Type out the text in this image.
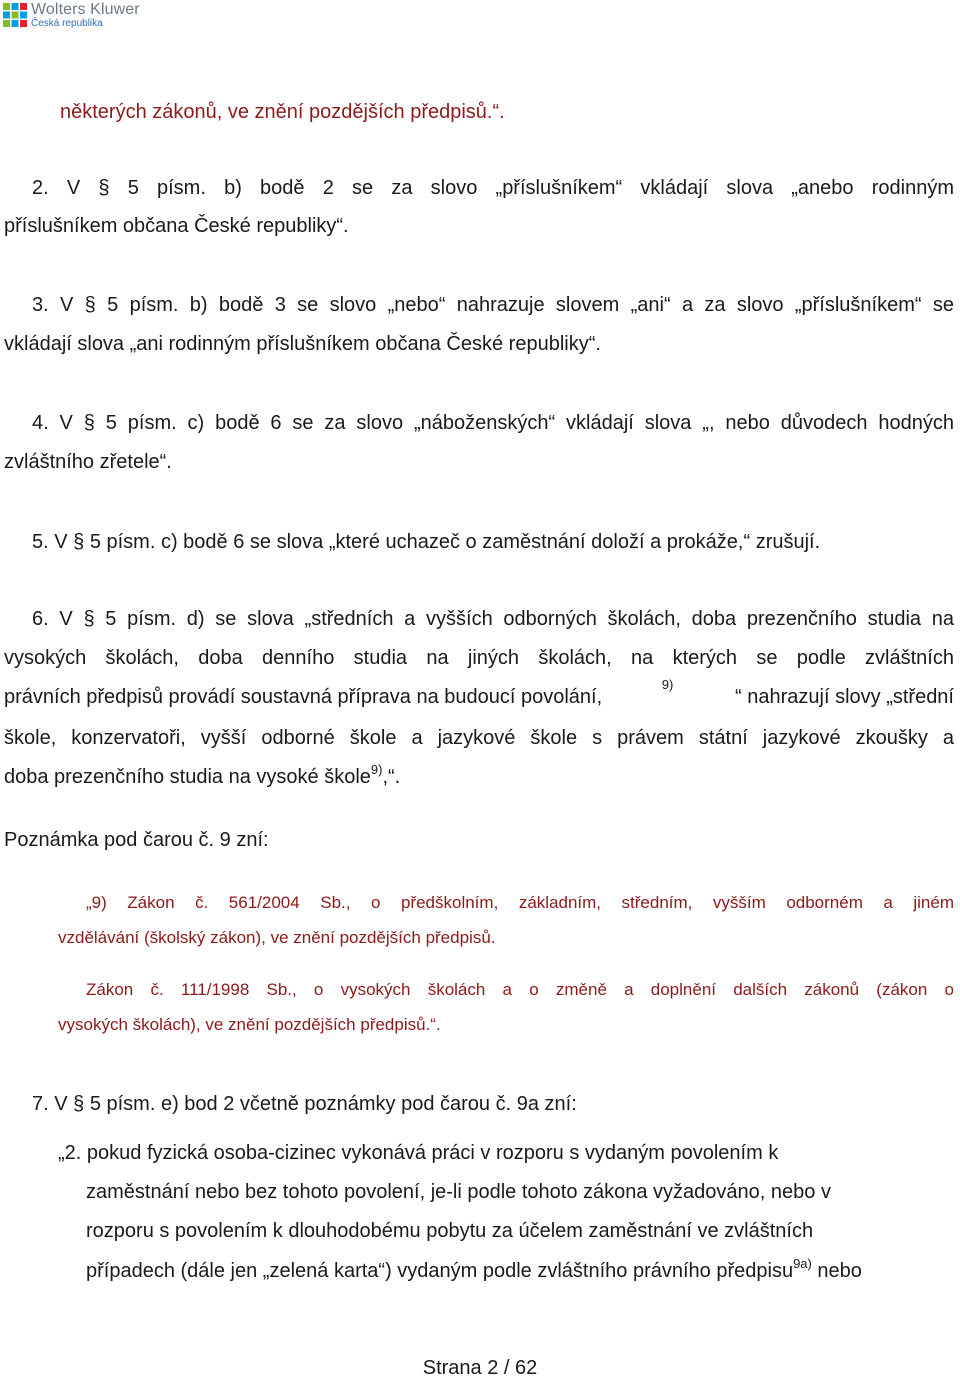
Wolters Kluwer
Česká republika
některých zákonů, ve znění pozdějších předpisů.“.
2. V § 5 písm. b) bodě 2 se za slovo „příslušníkem“ vkládají slova „anebo rodinným
příslušníkem občana České republiky“.
3. V § 5 písm. b) bodě 3 se slovo „nebo“ nahrazuje slovem „ani“ a za slovo „příslušníkem“ se
vkládají slova „ani rodinným příslušníkem občana České republiky“.
4. V § 5 písm. c) bodě 6 se za slovo „náboženských“ vkládají slova „, nebo důvodech hodných
zvláštního zřetele“.
5. V § 5 písm. c) bodě 6 se slova „které uchazeč o zaměstnání doloží a prokáže,“ zrušují.
6. V § 5 písm. d) se slova „středních a vyšších odborných školách, doba prezenčního studia na
vysokých školách, doba denního studia na jiných školách, na kterých se podle zvláštních
právních předpisů provádí soustavná příprava na budoucí povolání,
9)
“ nahrazují slovy „střední
škole, konzervatoři, vyšší odborné škole a jazykové škole s právem státní jazykové zkoušky a
doba prezenčního studia na vysoké škole$^{9)}$,“.
Poznámka pod čarou č. 9 zní:
„9) Zákon č. 561/2004 Sb., o předškolním, základním, středním, vyšším odborném a jiném
vzdělávání (školský zákon), ve znění pozdějších předpisů.
Zákon č. 111/1998 Sb., o vysokých školách a o změně a doplnění dalších zákonů (zákon o
vysokých školách), ve znění pozdějších předpisů.“.
7. V § 5 písm. e) bod 2 včetně poznámky pod čarou č. 9a zní:
„2. pokud fyzická osoba-cizinec vykonává práci v rozporu s vydaným povolením k
zaměstnání nebo bez tohoto povolení, je-li podle tohoto zákona vyžadováno, nebo v
rozporu s povolením k dlouhodobému pobytu za účelem zaměstnání ve zvláštních
případech (dále jen „zelená karta“) vydaným podle zvláštního právního předpisu$^{9a)}$ nebo
Strana 2 / 62
